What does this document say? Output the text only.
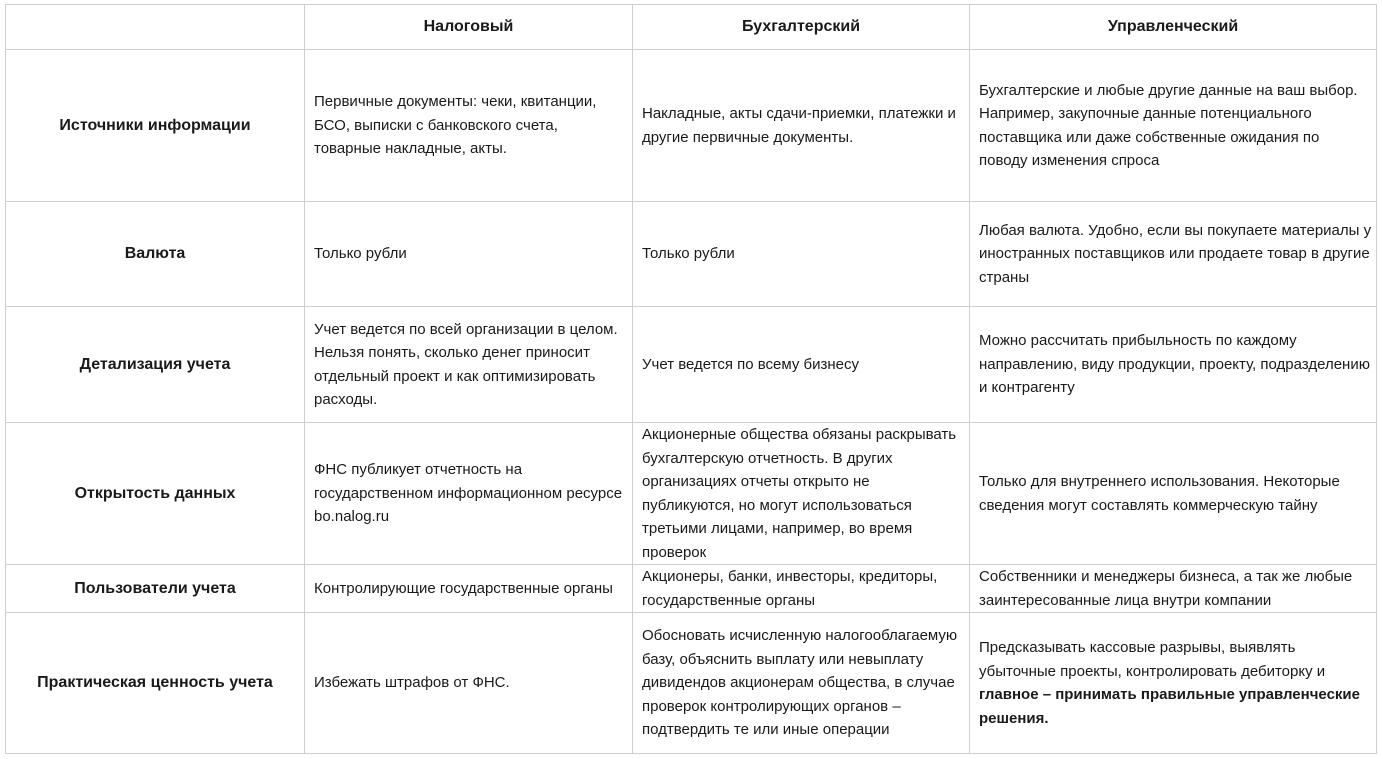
	Налоговый	Бухгалтерский	Управленческий
Источники информации	Первичные документы: чеки, квитанции, БСО, выписки с банковского счета, товарные накладные, акты.	Накладные, акты сдачи-приемки, платежки и другие первичные документы.	Бухгалтерские и любые другие данные на ваш выбор. Например, закупочные данные потенциального поставщика или даже собственные ожидания по поводу изменения спроса
Валюта	Только рубли	Только рубли	Любая валюта. Удобно, если вы покупаете материалы у иностранных поставщиков или продаете товар в другие страны
Детализация учета	Учет ведется по всей организации в целом. Нельзя понять, сколько денег приносит отдельный проект и как оптимизировать расходы.	Учет ведется по всему бизнесу	Можно рассчитать прибыльность по каждому направлению, виду продукции, проекту, подразделению и контрагенту
Открытость данных	ФНС публикует отчетность на государственном информационном ресурсе bo.nalog.ru	Акционерные общества обязаны раскрывать бухгалтерскую отчетность. В других организациях отчеты открыто не публикуются, но могут использоваться третьими лицами, например, во время проверок	Только для внутреннего использования. Некоторые сведения могут составлять коммерческую тайну
Пользователи учета	Контролирующие государственные органы	Акционеры, банки, инвесторы, кредиторы, государственные органы	Собственники и менеджеры бизнеса, а так же любые заинтересованные лица внутри компании
Практическая ценность учета	Избежать штрафов от ФНС.	Обосновать исчисленную налогооблагаемую базу, объяснить выплату или невыплату дивидендов акционерам общества, в случае проверок контролирующих органов – подтвердить те или иные операции	Предсказывать кассовые разрывы, выявлять убыточные проекты, контролировать дебиторку и главное – принимать правильные управленческие решения.
